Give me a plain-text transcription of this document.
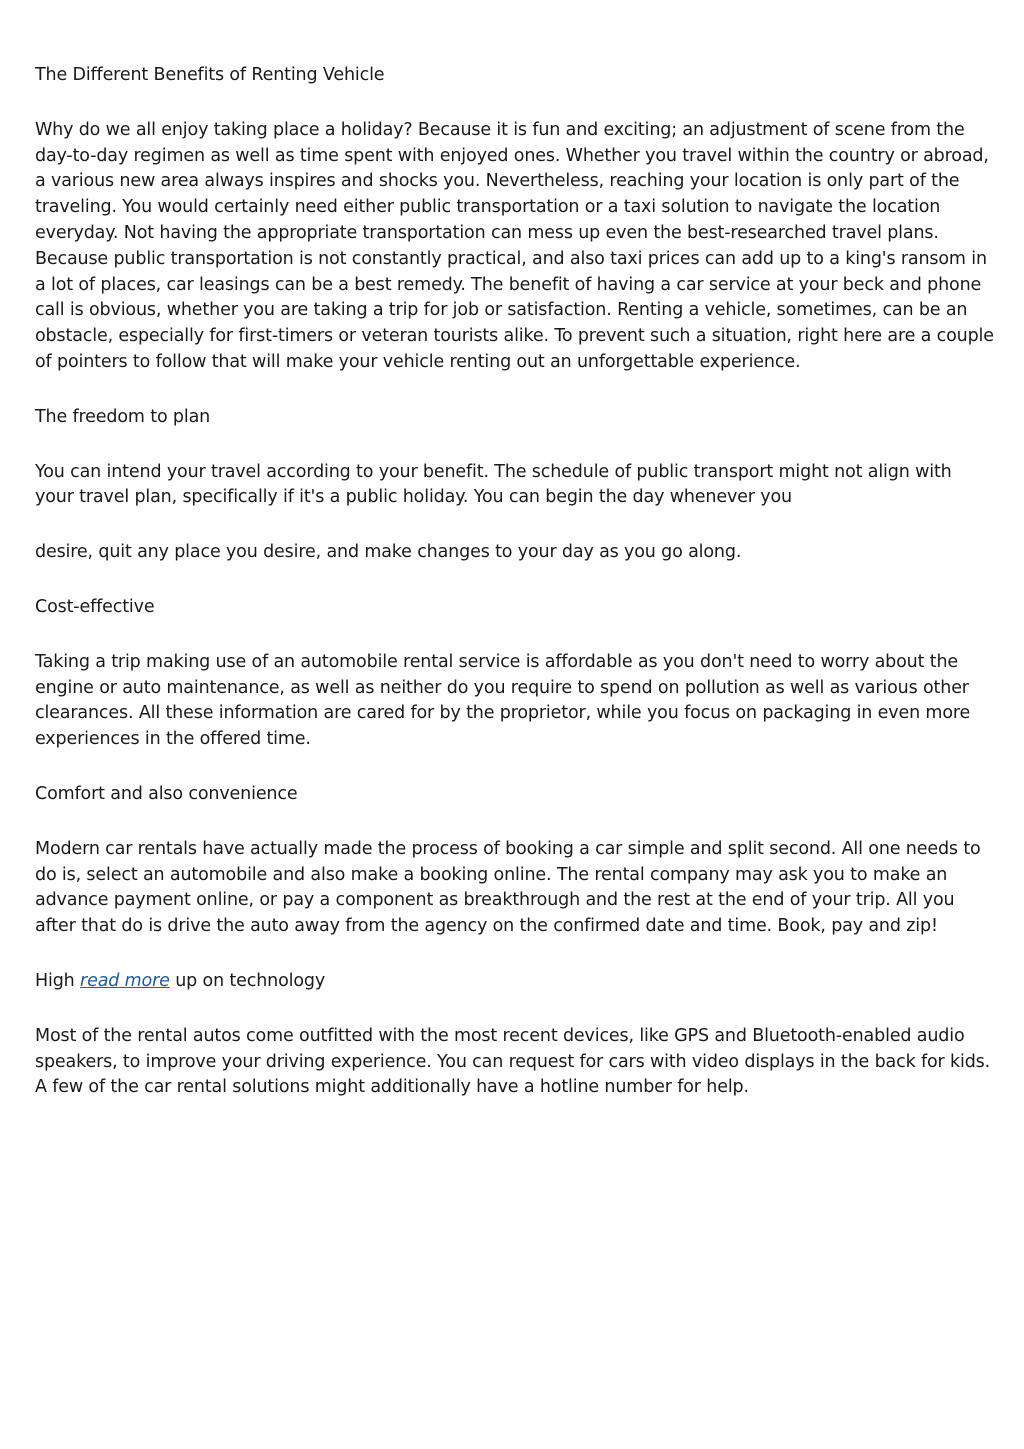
The Different Benefits of Renting Vehicle

Why do we all enjoy taking place a holiday? Because it is fun and exciting; an adjustment of scene from the day-to-day regimen as well as time spent with enjoyed ones. Whether you travel within the country or abroad, a various new area always inspires and shocks you. Nevertheless, reaching your location is only part of the traveling. You would certainly need either public transportation or a taxi solution to navigate the location everyday. Not having the appropriate transportation can mess up even the best-researched travel plans. Because public transportation is not constantly practical, and also taxi prices can add up to a king's ransom in a lot of places, car leasings can be a best remedy. The benefit of having a car service at your beck and phone call is obvious, whether you are taking a trip for job or satisfaction. Renting a vehicle, sometimes, can be an obstacle, especially for first-timers or veteran tourists alike. To prevent such a situation, right here are a couple of pointers to follow that will make your vehicle renting out an unforgettable experience.

The freedom to plan

You can intend your travel according to your benefit. The schedule of public transport might not align with your travel plan, specifically if it's a public holiday. You can begin the day whenever you

desire, quit any place you desire, and make changes to your day as you go along.

Cost-effective

Taking a trip making use of an automobile rental service is affordable as you don't need to worry about the engine or auto maintenance, as well as neither do you require to spend on pollution as well as various other clearances. All these information are cared for by the proprietor, while you focus on packaging in even more experiences in the offered time.

Comfort and also convenience

Modern car rentals have actually made the process of booking a car simple and split second. All one needs to do is, select an automobile and also make a booking online. The rental company may ask you to make an advance payment online, or pay a component as breakthrough and the rest at the end of your trip. All you after that do is drive the auto away from the agency on the confirmed date and time. Book, pay and zip!

High read more up on technology

Most of the rental autos come outfitted with the most recent devices, like GPS and Bluetooth-enabled audio speakers, to improve your driving experience. You can request for cars with video displays in the back for kids. A few of the car rental solutions might additionally have a hotline number for help.
